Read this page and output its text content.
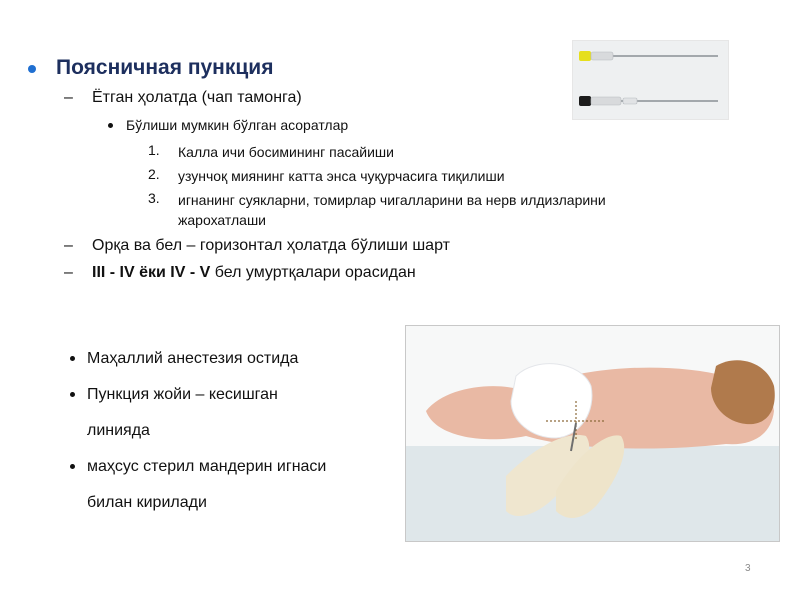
Поясничная пункция
–	Ётган ҳолатда (чап тамонга)
Бўлиши мумкин бўлган асоратлар
1.	Калла ичи босимининг пасайиши
2.	узунчоқ миянинг катта энса чуқурчасига тиқилиши
3.	игнанинг суякларни, томирлар чигалларини ва нерв илдизларини жарохатлаши
–	Орқа ва бел – горизонтал ҳолатда бўлиши шарт
–	III - IV ёки IV - V бел умуртқалари орасидан
Маҳаллий анестезия остида
Пункция жойи – кесишган линияда
маҳсус стерил мандерин игнаси билан кирилади
3
